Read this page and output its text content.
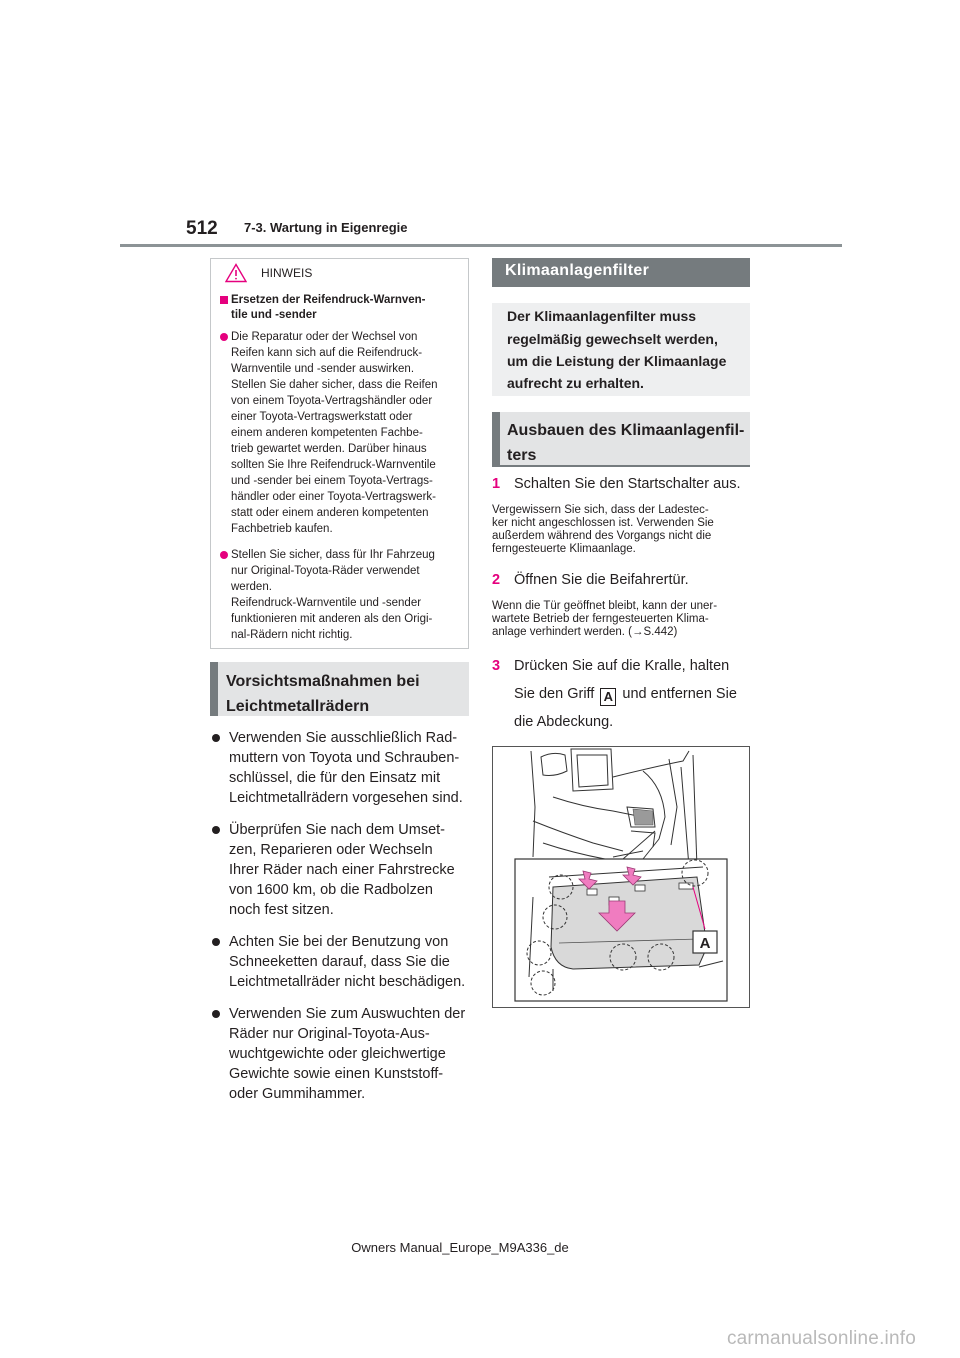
512 7-3. Wartung in Eigenregie
HINWEIS
Ersetzen der Reifendruck-Warnven-
tile und -sender
Die Reparatur oder der Wechsel von
Reifen kann sich auf die Reifendruck-
Warnventile und -sender auswirken.
Stellen Sie daher sicher, dass die Reifen
von einem Toyota-Vertragshändler oder
einer Toyota-Vertragswerkstatt oder
einem anderen kompetenten Fachbe-
trieb gewartet werden. Darüber hinaus
sollten Sie Ihre Reifendruck-Warnventile
und -sender bei einem Toyota-Vertrags-
händler oder einer Toyota-Vertragswerk-
statt oder einem anderen kompetenten
Fachbetrieb kaufen.
Stellen Sie sicher, dass für Ihr Fahrzeug
nur Original-Toyota-Räder verwendet
werden.
Reifendruck-Warnventile und -sender
funktionieren mit anderen als den Origi-
nal-Rädern nicht richtig.
Vorsichtsmaßnahmen bei
Leichtmetallrädern
Verwenden Sie ausschließlich Rad-
muttern von Toyota und Schrauben-
schlüssel, die für den Einsatz mit
Leichtmetallrädern vorgesehen sind.
Überprüfen Sie nach dem Umset-
zen, Reparieren oder Wechseln
Ihrer Räder nach einer Fahrstrecke
von 1600 km, ob die Radbolzen
noch fest sitzen.
Achten Sie bei der Benutzung von
Schneeketten darauf, dass Sie die
Leichtmetallräder nicht beschädigen.
Verwenden Sie zum Auswuchten der
Räder nur Original-Toyota-Aus-
wuchtgewichte oder gleichwertige
Gewichte sowie einen Kunststoff-
oder Gummihammer.
Klimaanlagenfilter
Der Klimaanlagenfilter muss
regelmäßig gewechselt werden,
um die Leistung der Klimaanlage
aufrecht zu erhalten.
Ausbauen des Klimaanlagenfil-
ters
1 Schalten Sie den Startschalter aus.
Vergewissern Sie sich, dass der Ladestec-
ker nicht angeschlossen ist. Verwenden Sie
außerdem während des Vorgangs nicht die
ferngesteuerte Klimaanlage.
2 Öffnen Sie die Beifahrertür.
Wenn die Tür geöffnet bleibt, kann der uner-
wartete Betrieb der ferngesteuerten Klima-
anlage verhindert werden. (→S.442)
3 Drücken Sie auf die Kralle, halten
Sie den Griff A und entfernen Sie
die Abdeckung.
A
Owners Manual_Europe_M9A336_de
carmanualsonline.info
